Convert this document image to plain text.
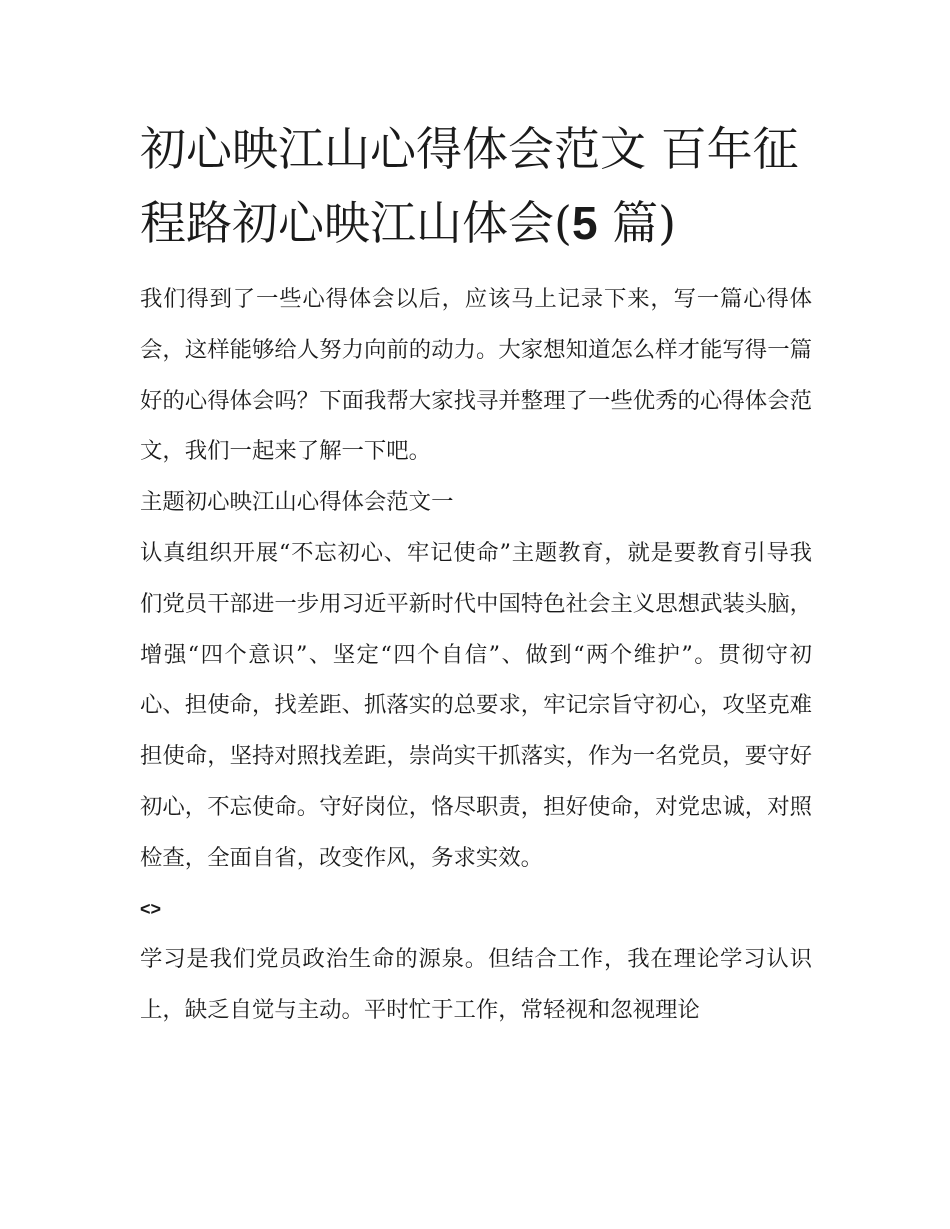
初心映江山心得体会范文 百年征程路初心映江山体会(5 篇)

我们得到了一些心得体会以后，应该马上记录下来，写一篇心得体会，这样能够给人努力向前的动力。大家想知道怎么样才能写得一篇好的心得体会吗？下面我帮大家找寻并整理了一些优秀的心得体会范文，我们一起来了解一下吧。

主题初心映江山心得体会范文一

认真组织开展“不忘初心、牢记使命”主题教育，就是要教育引导我们党员干部进一步用习近平新时代中国特色社会主义思想武装头脑，增强“四个意识”、坚定“四个自信”、做到“两个维护”。贯彻守初心、担使命，找差距、抓落实的总要求，牢记宗旨守初心，攻坚克难担使命，坚持对照找差距，崇尚实干抓落实，作为一名党员，要守好初心，不忘使命。守好岗位，恪尽职责，担好使命，对党忠诚，对照检查，全面自省，改变作风，务求实效。

<>

学习是我们党员政治生命的源泉。但结合工作，我在理论学习认识上，缺乏自觉与主动。平时忙于工作，常轻视和忽视理论
